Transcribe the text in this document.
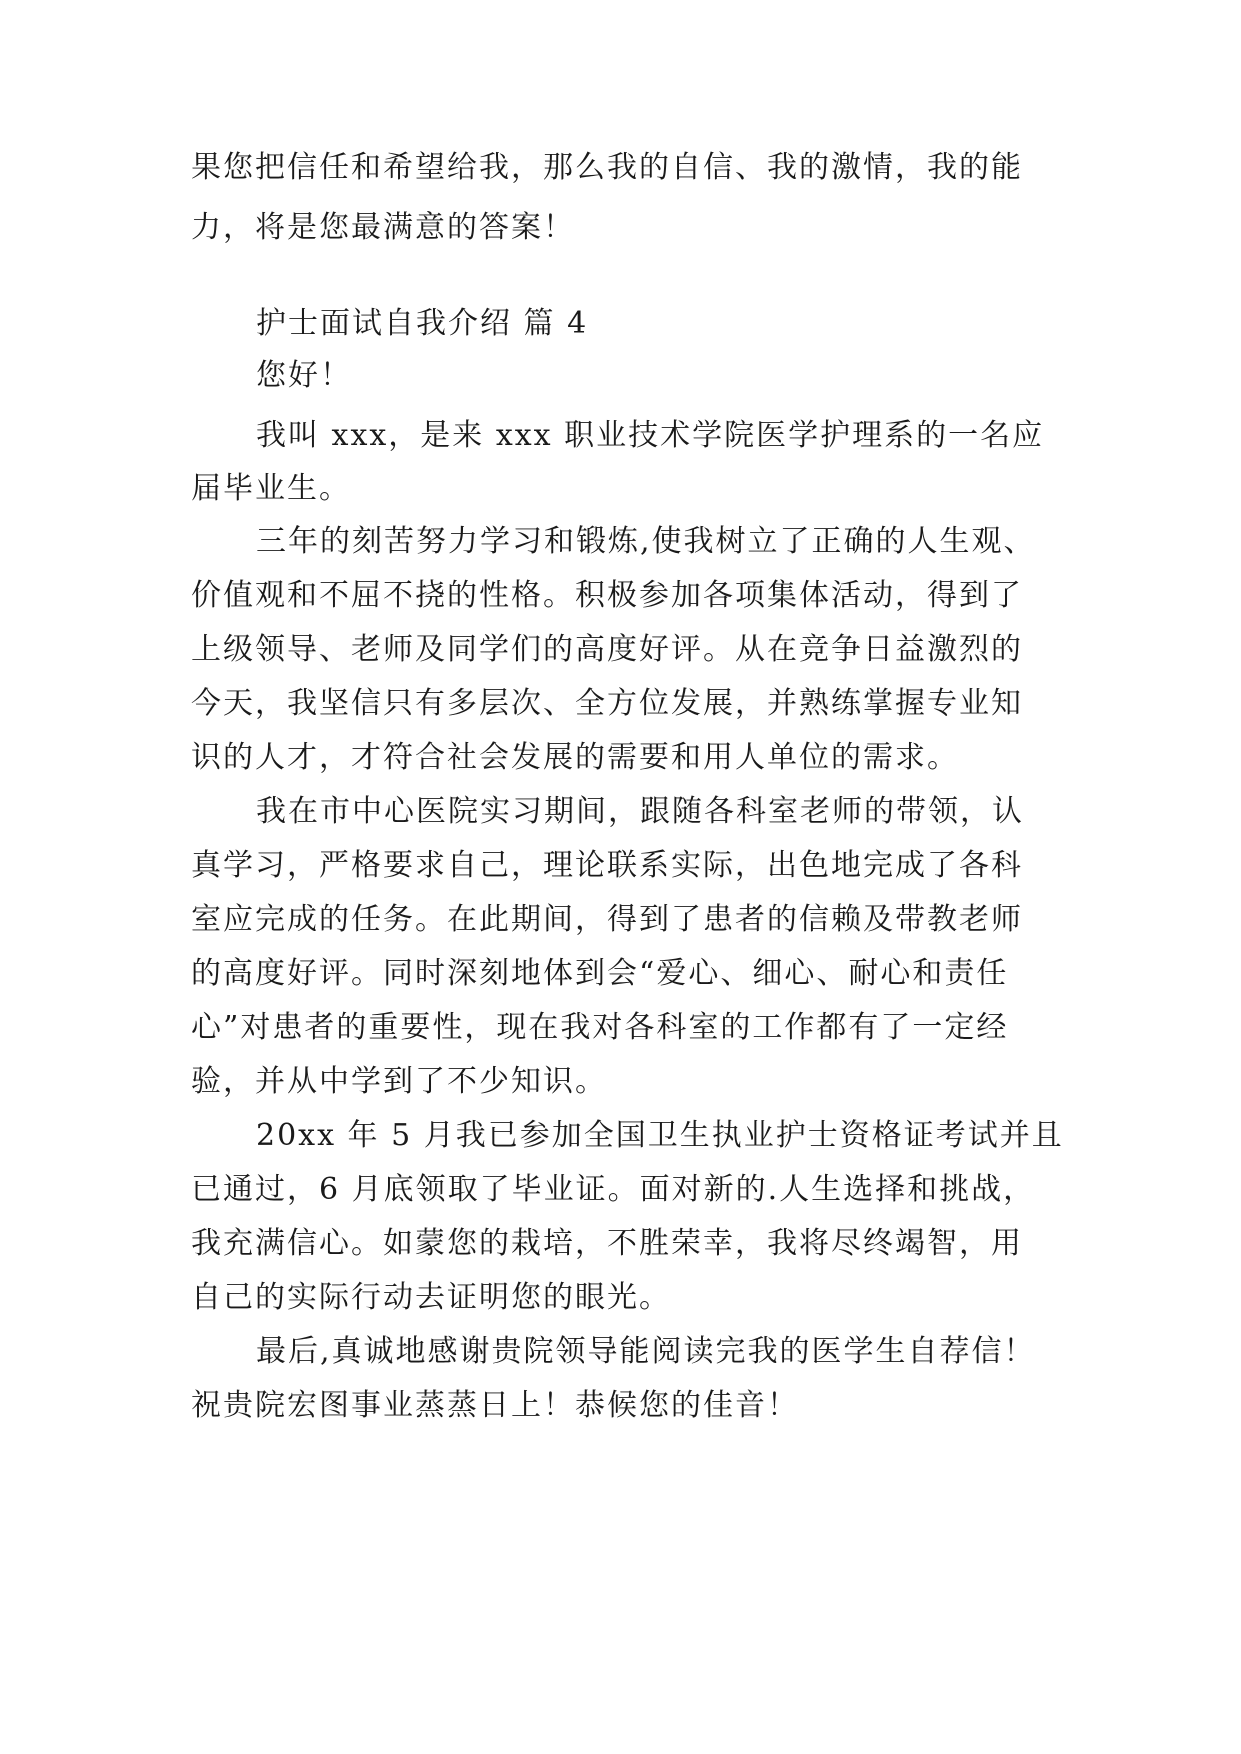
果您把信任和希望给我，那么我的自信、我的激情，我的能
力，将是您最满意的答案！
护士面试自我介绍 篇 4
您好！
我叫 xxx，是来 xxx 职业技术学院医学护理系的一名应
届毕业生。
三年的刻苦努力学习和锻炼,使我树立了正确的人生观、
价值观和不屈不挠的性格。积极参加各项集体活动，得到了
上级领导、老师及同学们的高度好评。从在竞争日益激烈的
今天，我坚信只有多层次、全方位发展，并熟练掌握专业知
识的人才，才符合社会发展的需要和用人单位的需求。
我在市中心医院实习期间，跟随各科室老师的带领，认
真学习，严格要求自己，理论联系实际，出色地完成了各科
室应完成的任务。在此期间，得到了患者的信赖及带教老师
的高度好评。同时深刻地体到会“爱心、细心、耐心和责任
心”对患者的重要性，现在我对各科室的工作都有了一定经
验，并从中学到了不少知识。
20xx 年 5 月我已参加全国卫生执业护士资格证考试并且
已通过，6 月底领取了毕业证。面对新的.人生选择和挑战，
我充满信心。如蒙您的栽培，不胜荣幸，我将尽终竭智，用
自己的实际行动去证明您的眼光。
最后,真诚地感谢贵院领导能阅读完我的医学生自荐信！
祝贵院宏图事业蒸蒸日上！恭候您的佳音！
